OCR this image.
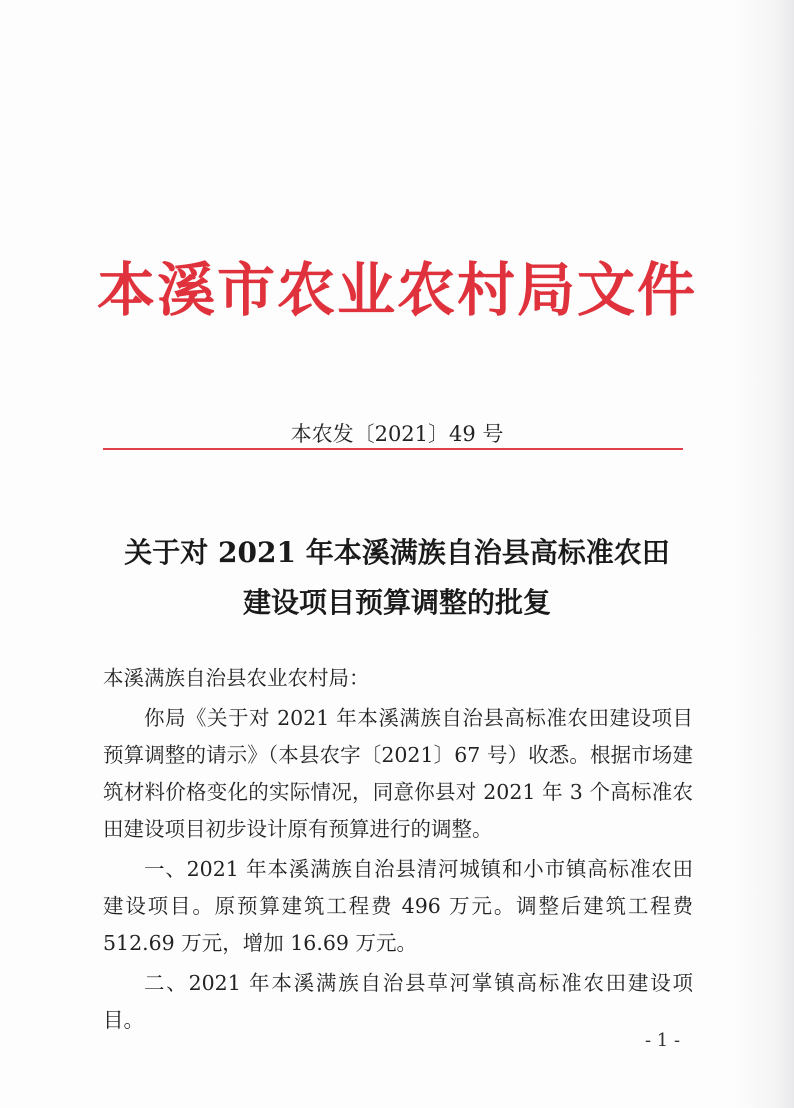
本溪市农业农村局文件
本农发〔2021〕49 号
关于对 2021 年本溪满族自治县高标准农田
建设项目预算调整的批复

本溪满族自治县农业农村局：

你局《关于对 2021 年本溪满族自治县高标准农田建设项目预算调整的请示》（本县农字〔2021〕67 号）收悉。根据市场建筑材料价格变化的实际情况，同意你县对 2021 年 3 个高标准农田建设项目初步设计原有预算进行的调整。

一、2021 年本溪满族自治县清河城镇和小市镇高标准农田建设项目。原预算建筑工程费 496 万元。调整后建筑工程费 512.69 万元，增加 16.69 万元。

二、2021 年本溪满族自治县草河掌镇高标准农田建设项目。

- 1 -
